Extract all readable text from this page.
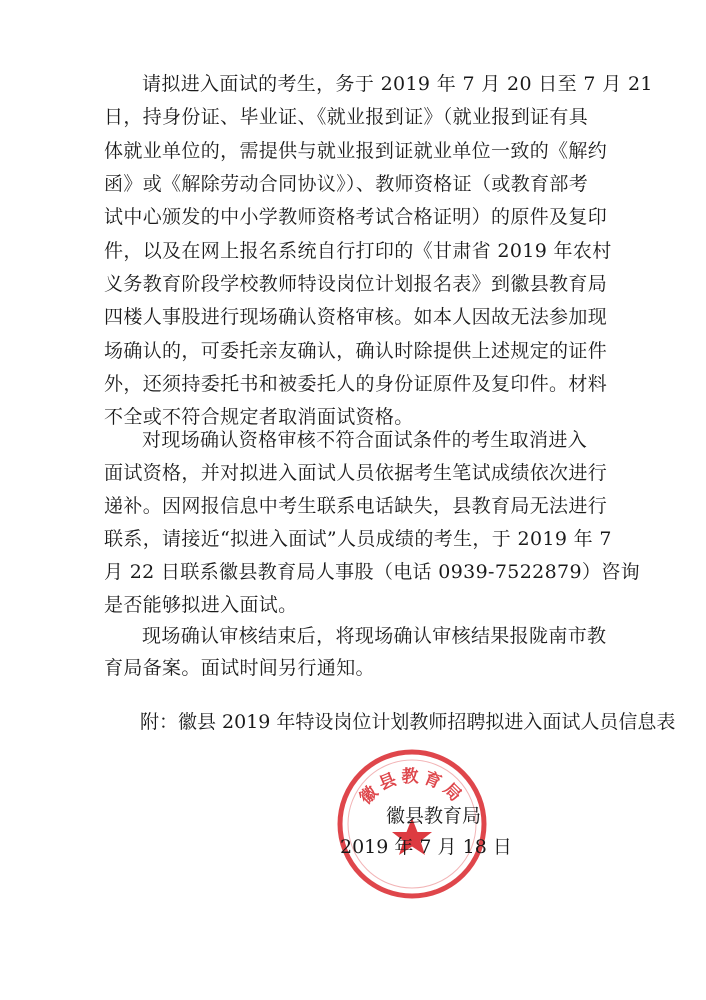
请拟进入面试的考生，务于 2019 年 7 月 20 日至 7 月 21
日，持身份证、毕业证、《就业报到证》（就业报到证有具
体就业单位的，需提供与就业报到证就业单位一致的《解约
函》或《解除劳动合同协议》）、教师资格证（或教育部考
试中心颁发的中小学教师资格考试合格证明）的原件及复印
件，以及在网上报名系统自行打印的《甘肃省 2019 年农村
义务教育阶段学校教师特设岗位计划报名表》到徽县教育局
四楼人事股进行现场确认资格审核。如本人因故无法参加现
场确认的，可委托亲友确认，确认时除提供上述规定的证件
外，还须持委托书和被委托人的身份证原件及复印件。材料
不全或不符合规定者取消面试资格。
对现场确认资格审核不符合面试条件的考生取消进入
面试资格，并对拟进入面试人员依据考生笔试成绩依次进行
递补。因网报信息中考生联系电话缺失，县教育局无法进行
联系，请接近“拟进入面试”人员成绩的考生，于 2019 年 7
月 22 日联系徽县教育局人事股（电话 0939-7522879）咨询
是否能够拟进入面试。
现场确认审核结束后，将现场确认审核结果报陇南市教
育局备案。面试时间另行通知。
附：徽县 2019 年特设岗位计划教师招聘拟进入面试人员信息表
徽县教育局
徽县教育局
2019 年 7 月 18 日
